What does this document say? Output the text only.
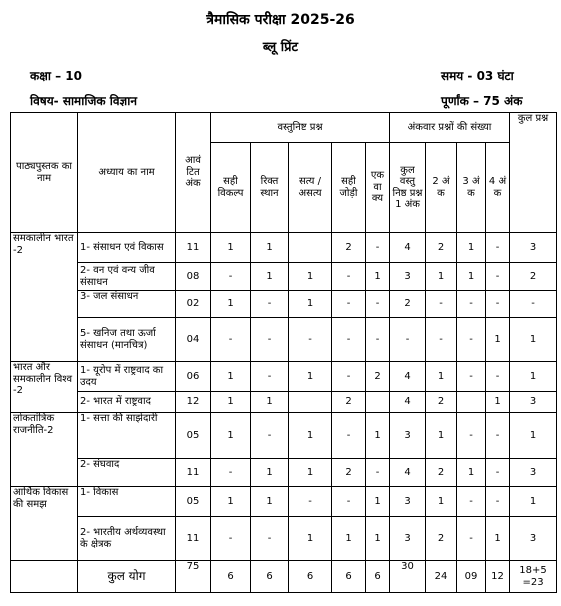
त्रैमासिक परीक्षा 2025-26
ब्लू प्रिंट
कक्षा – 10	समय - 03 घंटा
विषय- सामाजिक विज्ञान	पूर्णांक – 75 अंक
पाठ्यपुस्तक का नाम	अध्याय का नाम	आवं टित अंक	वस्तुनिष्ट प्रश्न					अंकवार प्रश्नों की संख्या				कुल प्रश्न
			सही विकल्प	रिक्त स्थान	सत्य /असत्य	सही जोड़ी	एक वा क्य	कुल वस्तु निष्ठ प्रश्न 1 अंक	2 अं क	3 अं क	4 अं क	
समकालीन भारत -2	1- संसाधन एवं विकास	11	1	1		2	-	4	2	1	-	3
	2- वन एवं वन्य जीव संसाधन	08	-	1	1	-	1	3	1	1	-	2
	3- जल संसाधन	02	1	-	1	-	-	2	-	-	-	-
	5- खनिज तथा ऊर्जा संसाधन (मानचित्र)	04	-	-	-	-	-	-	-	-	1	1
भारत और समकालीन विश्व -2	1- यूरोप में राष्ट्रवाद का उदय	06	1	-	1	-	2	4	1	-	-	1
	2- भारत में राष्ट्रवाद	12	1	1		2		4	2		1	3
लोकतांत्रिक राजनीति-2	1- सत्ता की साझेदारी	05	1	-	1	-	1	3	1	-	-	1
	2- संघवाद	11	-	1	1	2	-	4	2	1	-	3
आर्थिक विकास की समझ	1- विकास	05	1	1	-	-	1	3	1	-	-	1
	2- भारतीय अर्थव्यवस्था के क्षेत्रक	11	-	-	1	1	1	3	2	-	1	3
	कुल योग	75	6	6	6	6	6	30	24	09	12	18+5 =23
